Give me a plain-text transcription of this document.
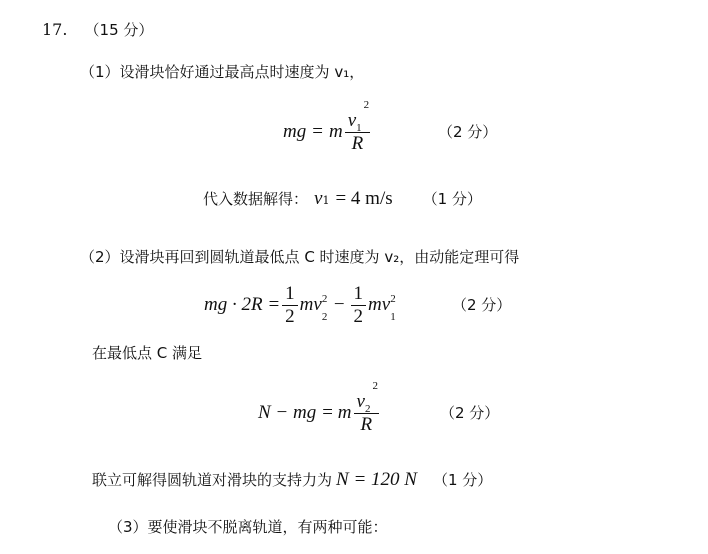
17. （15 分）
（1）设滑块恰好通过最高点时速度为 v₁，
mg = m $\frac{v_1^2}{R}$	（2 分）
代入数据解得： v 1 = 4 m/s （1 分）
（2）设滑块再回到圆轨道最低点 C 时速度为 v₂，由动能定理可得
mg · $2R = \frac{1}{2}$ mv 2
2
− $\frac{1}{2}$ mv 2
1
（2 分）
在最低点 C 满足
N − mg = m $\frac{v_2^2}{R}$	（2 分）
联立可解得圆轨道对滑块的支持力为 N = 120 N （1 分）
（3）要使滑块不脱离轨道，有两种可能：
